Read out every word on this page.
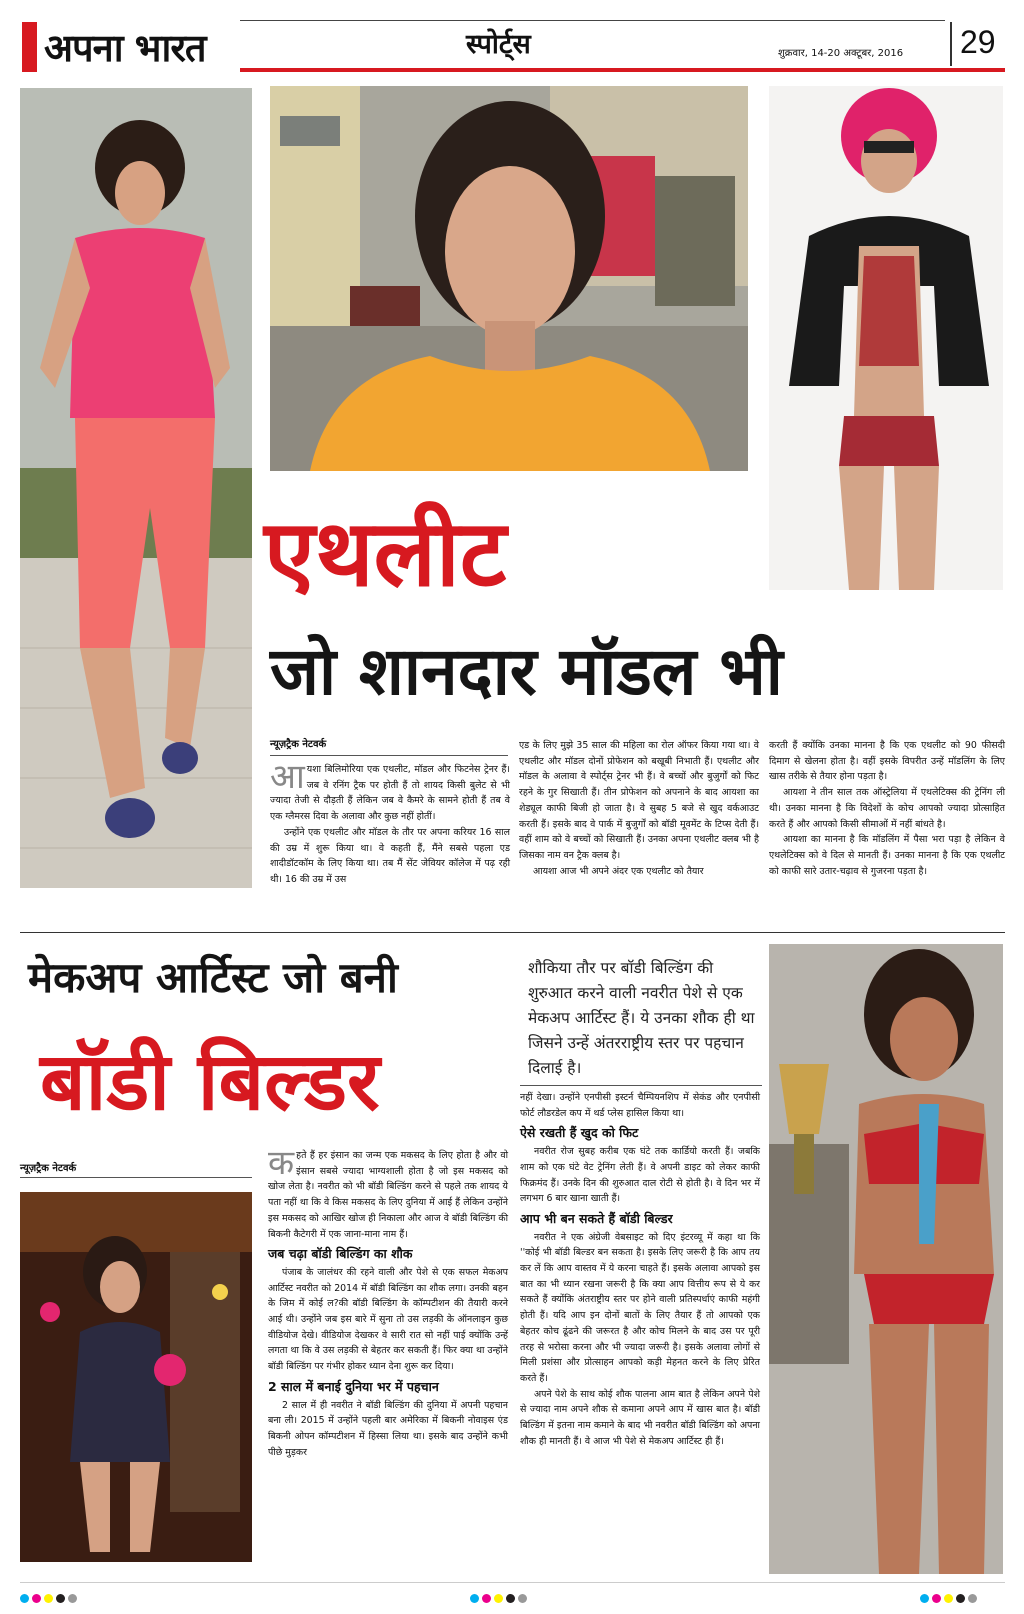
अपना भारत	स्पोर्ट्स	शुक्रवार, 14-20 अक्टूबर, 2016 29
एथलीट
जो शानदार मॉडल भी
न्यूज़ट्रैक नेटवर्क
आ यशा बिलिमोरिया एक एथलीट, मॉडल और फिटनेस ट्रेनर हैं। जब वे रनिंग ट्रैक पर होती हैं तो शायद किसी बुलेट से भी ज्यादा तेजी से दौड़ती हैं लेकिन जब वे कैमरे के सामने होती हैं तब वे एक ग्लैमरस दिवा के अलावा और कुछ नहीं होतीं।

उन्होंने एक एथलीट और मॉडल के तौर पर अपना करियर 16 साल की उम्र में शुरू किया था। वे कहती हैं, मैंने सबसे पहला एड शादीडॉटकॉम के लिए किया था। तब मैं सेंट जेवियर कॉलेज में पढ़ रही थी। 16 की उम्र में उस

एड के लिए मुझे 35 साल की महिला का रोल ऑफर किया गया था। वे एथलीट और मॉडल दोनों प्रोफेशन को बखूबी निभाती हैं। एथलीट और मॉडल के अलावा वे स्पोर्ट्स ट्रेनर भी हैं। वे बच्चों और बुजुर्गों को फिट रहने के गुर सिखाती हैं। तीन प्रोफेशन को अपनाने के बाद आयशा का शेड्यूल काफी बिजी हो जाता है। वे सुबह 5 बजे से खुद वर्कआउट करती हैं। इसके बाद वे पार्क में बुजुर्गों को बॉडी मूवमेंट के टिप्स देती हैं। वहीं शाम को वे बच्चों को सिखाती हैं। उनका अपना एथलीट क्लब भी है जिसका नाम वन ट्रैक क्लब है।

आयशा आज भी अपने अंदर एक एथलीट को तैयार

करती हैं क्योंकि उनका मानना है कि एक एथलीट को 90 फीसदी दिमाग से खेलना होता है। वहीं इसके विपरीत उन्हें मॉडलिंग के लिए खास तरीके से तैयार होना पड़ता है।

आयशा ने तीन साल तक ऑस्ट्रेलिया में एथलेटिक्स की ट्रेनिंग ली थी। उनका मानना है कि विदेशों के कोच आपको ज्यादा प्रोत्साहित करते हैं और आपको किसी सीमाओं में नहीं बांधते है।

आयशा का मानना है कि मॉडलिंग में पैसा भरा पड़ा है लेकिन वे एथलेटिक्स को वे दिल से मानती हैं। उनका मानना है कि एक एथलीट को काफी सारे उतार-चढ़ाव से गुजरना पड़ता है।

मेकअप आर्टिस्ट जो बनी
बॉडी बिल्डर
शौकिया तौर पर बॉडी बिल्डिंग की शुरुआत करने वाली नवरीत पेशे से एक मेकअप आर्टिस्ट हैं। ये उनका शौक ही था जिसने उन्हें अंतरराष्ट्रीय स्तर पर पहचान दिलाई है।
न्यूज़ट्रैक नेटवर्क	क हते हैं हर इंसान का जन्म एक मकसद के लिए होता है और वो इंसान सबसे ज्यादा भाग्यशाली होता है जो इस मकसद को खोज लेता है। नवरीत को भी बॉडी बिल्डिंग करने से पहले तक शायद ये पता नहीं था कि वे किस मकसद के लिए दुनिया में आई हैं लेकिन उन्होंने इस मकसद को आखिर खोज ही निकाला और आज वे बॉडी बिल्डिंग की बिकनी कैटेगरी में एक जाना-माना नाम हैं।
जब चढ़ा बॉडी बिल्डिंग का शौक

पंजाब के जालंधर की रहने वाली और पेशे से एक सफल मेकअप आर्टिस्ट नवरीत को 2014 में बॉडी बिल्डिंग का शौक लगा। उनकी बहन के जिम में कोई ल?की बॉडी बिल्डिंग के कॉम्पटीशन की तैयारी करने आई थी। उन्होंने जब इस बारे में सुना तो उस लड़की के ऑनलाइन कुछ वीडियोज देखे। वीडियोज देखकर वे सारी रात सो नहीं पाई क्योंकि उन्हें लगता था कि वे उस लड़की से बेहतर कर सकती हैं। फिर क्या था उन्होंने बॉडी बिल्डिंग पर गंभीर होकर ध्यान देना शुरू कर दिया।

2 साल में बनाई दुनिया भर में पहचान

2 साल में ही नवरीत ने बॉडी बिल्डिंग की दुनिया में अपनी पहचान बना ली। 2015 में उन्होंने पहली बार अमेरिका में बिकनी नोवाइस एंड बिकनी ओपन कॉम्पटीशन में हिस्सा लिया था। इसके बाद उन्होंने कभी पीछे मुड़कर

नहीं देखा। उन्होंने एनपीसी इस्टर्न चैम्पियनशिप में सेकंड और एनपीसी फोर्ट लौडरडेल कप में थर्ड प्लेस हासिल किया था।
ऐसे रखती हैं खुद को फिट

नवरीत रोज सुबह करीब एक घंटे तक कार्डियो करती हैं। जबकि शाम को एक घंटे वेट ट्रेनिंग लेती हैं। वे अपनी डाइट को लेकर काफी फिक्रमंद हैं। उनके दिन की शुरुआत दाल रोटी से होती है। वे दिन भर में लगभग 6 बार खाना खाती हैं।

आप भी बन सकते हैं बॉडी बिल्डर

नवरीत ने एक अंग्रेजी वेबसाइट को दिए इंटरव्यू में कहा था कि ''कोई भी बॉडी बिल्डर बन सकता है। इसके लिए जरूरी है कि आप तय कर लें कि आप वास्तव में ये करना चाहते हैं। इसके अलावा आपको इस बात का भी ध्यान रखना जरूरी है कि क्या आप वित्तीय रूप से ये कर सकते हैं क्योंकि अंतराष्ट्रीय स्तर पर होने वाली प्रतिस्पर्धाएं काफी महंगी होती हैं। यदि आप इन दोनों बातों के लिए तैयार हैं तो आपको एक बेहतर कोच ढूंढने की जरूरत है और कोच मिलने के बाद उस पर पूरी तरह से भरोसा करना और भी ज्यादा जरूरी है। इसके अलावा लोगों से मिली प्रशंसा और प्रोत्साहन आपको कड़ी मेहनत करने के लिए प्रेरित करते हैं।

अपने पेशे के साथ कोई शौक पालना आम बात है लेकिन अपने पेशे से ज्यादा नाम अपने शौक से कमाना अपने आप में खास बात है। बॉडी बिल्डिंग में इतना नाम कमाने के बाद भी नवरीत बॉडी बिल्डिंग को अपना शौक ही मानती हैं। वे आज भी पेशे से मेकअप आर्टिस्ट ही हैं।
